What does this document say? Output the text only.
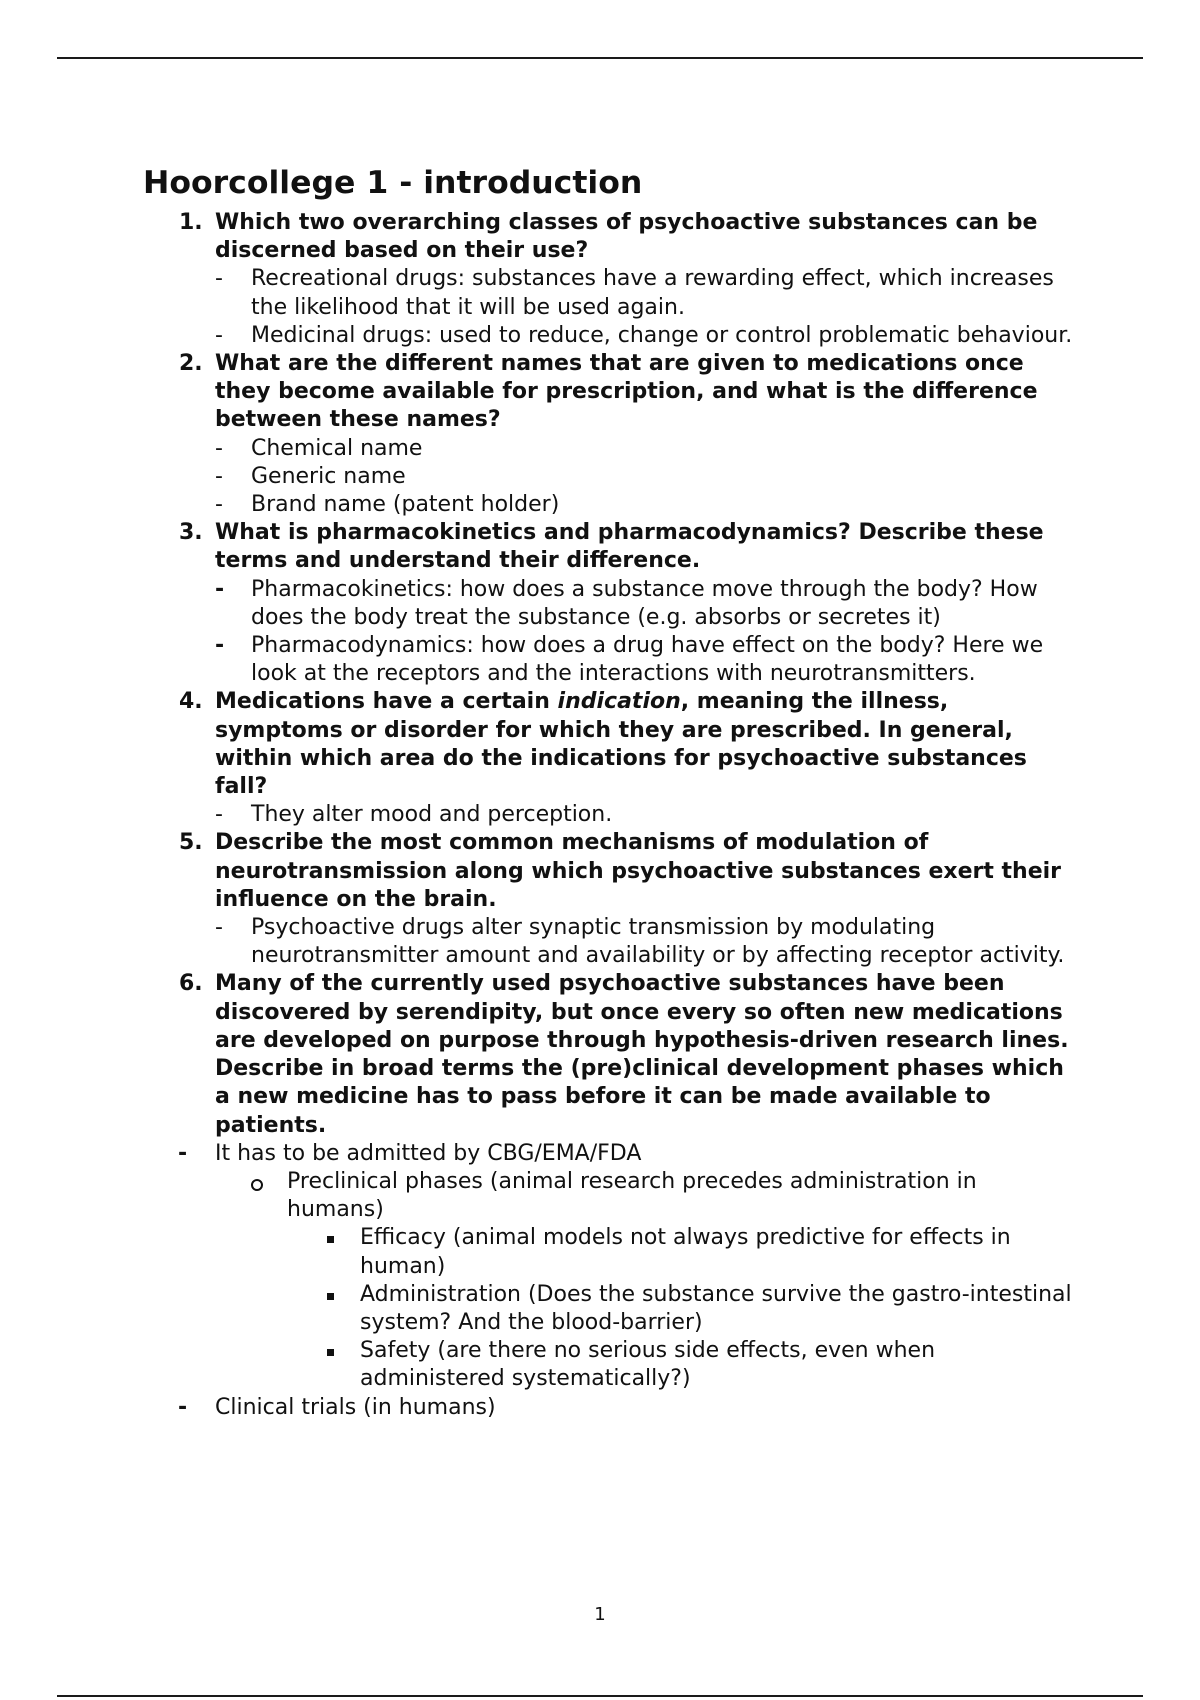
Hoorcollege 1 - introduction
1. Which two overarching classes of psychoactive substances can be discerned based on their use?
- Recreational drugs: substances have a rewarding effect, which increases the likelihood that it will be used again.
- Medicinal drugs: used to reduce, change or control problematic behaviour.
2. What are the different names that are given to medications once they become available for prescription, and what is the difference between these names?
- Chemical name
- Generic name
- Brand name (patent holder)
3. What is pharmacokinetics and pharmacodynamics? Describe these terms and understand their difference.
- Pharmacokinetics: how does a substance move through the body? How does the body treat the substance (e.g. absorbs or secretes it)
- Pharmacodynamics: how does a drug have effect on the body? Here we look at the receptors and the interactions with neurotransmitters.
4. Medications have a certain indication, meaning the illness, symptoms or disorder for which they are prescribed. In general, within which area do the indications for psychoactive substances fall?
- They alter mood and perception.
5. Describe the most common mechanisms of modulation of neurotransmission along which psychoactive substances exert their influence on the brain.
- Psychoactive drugs alter synaptic transmission by modulating neurotransmitter amount and availability or by affecting receptor activity.
6. Many of the currently used psychoactive substances have been discovered by serendipity, but once every so often new medications are developed on purpose through hypothesis-driven research lines. Describe in broad terms the (pre)clinical development phases which a new medicine has to pass before it can be made available to patients.
- It has to be admitted by CBG/EMA/FDA
Preclinical phases (animal research precedes administration in humans)
Efficacy (animal models not always predictive for effects in human)
Administration (Does the substance survive the gastro-intestinal system? And the blood-barrier)
Safety (are there no serious side effects, even when administered systematically?)
- Clinical trials (in humans)
1
